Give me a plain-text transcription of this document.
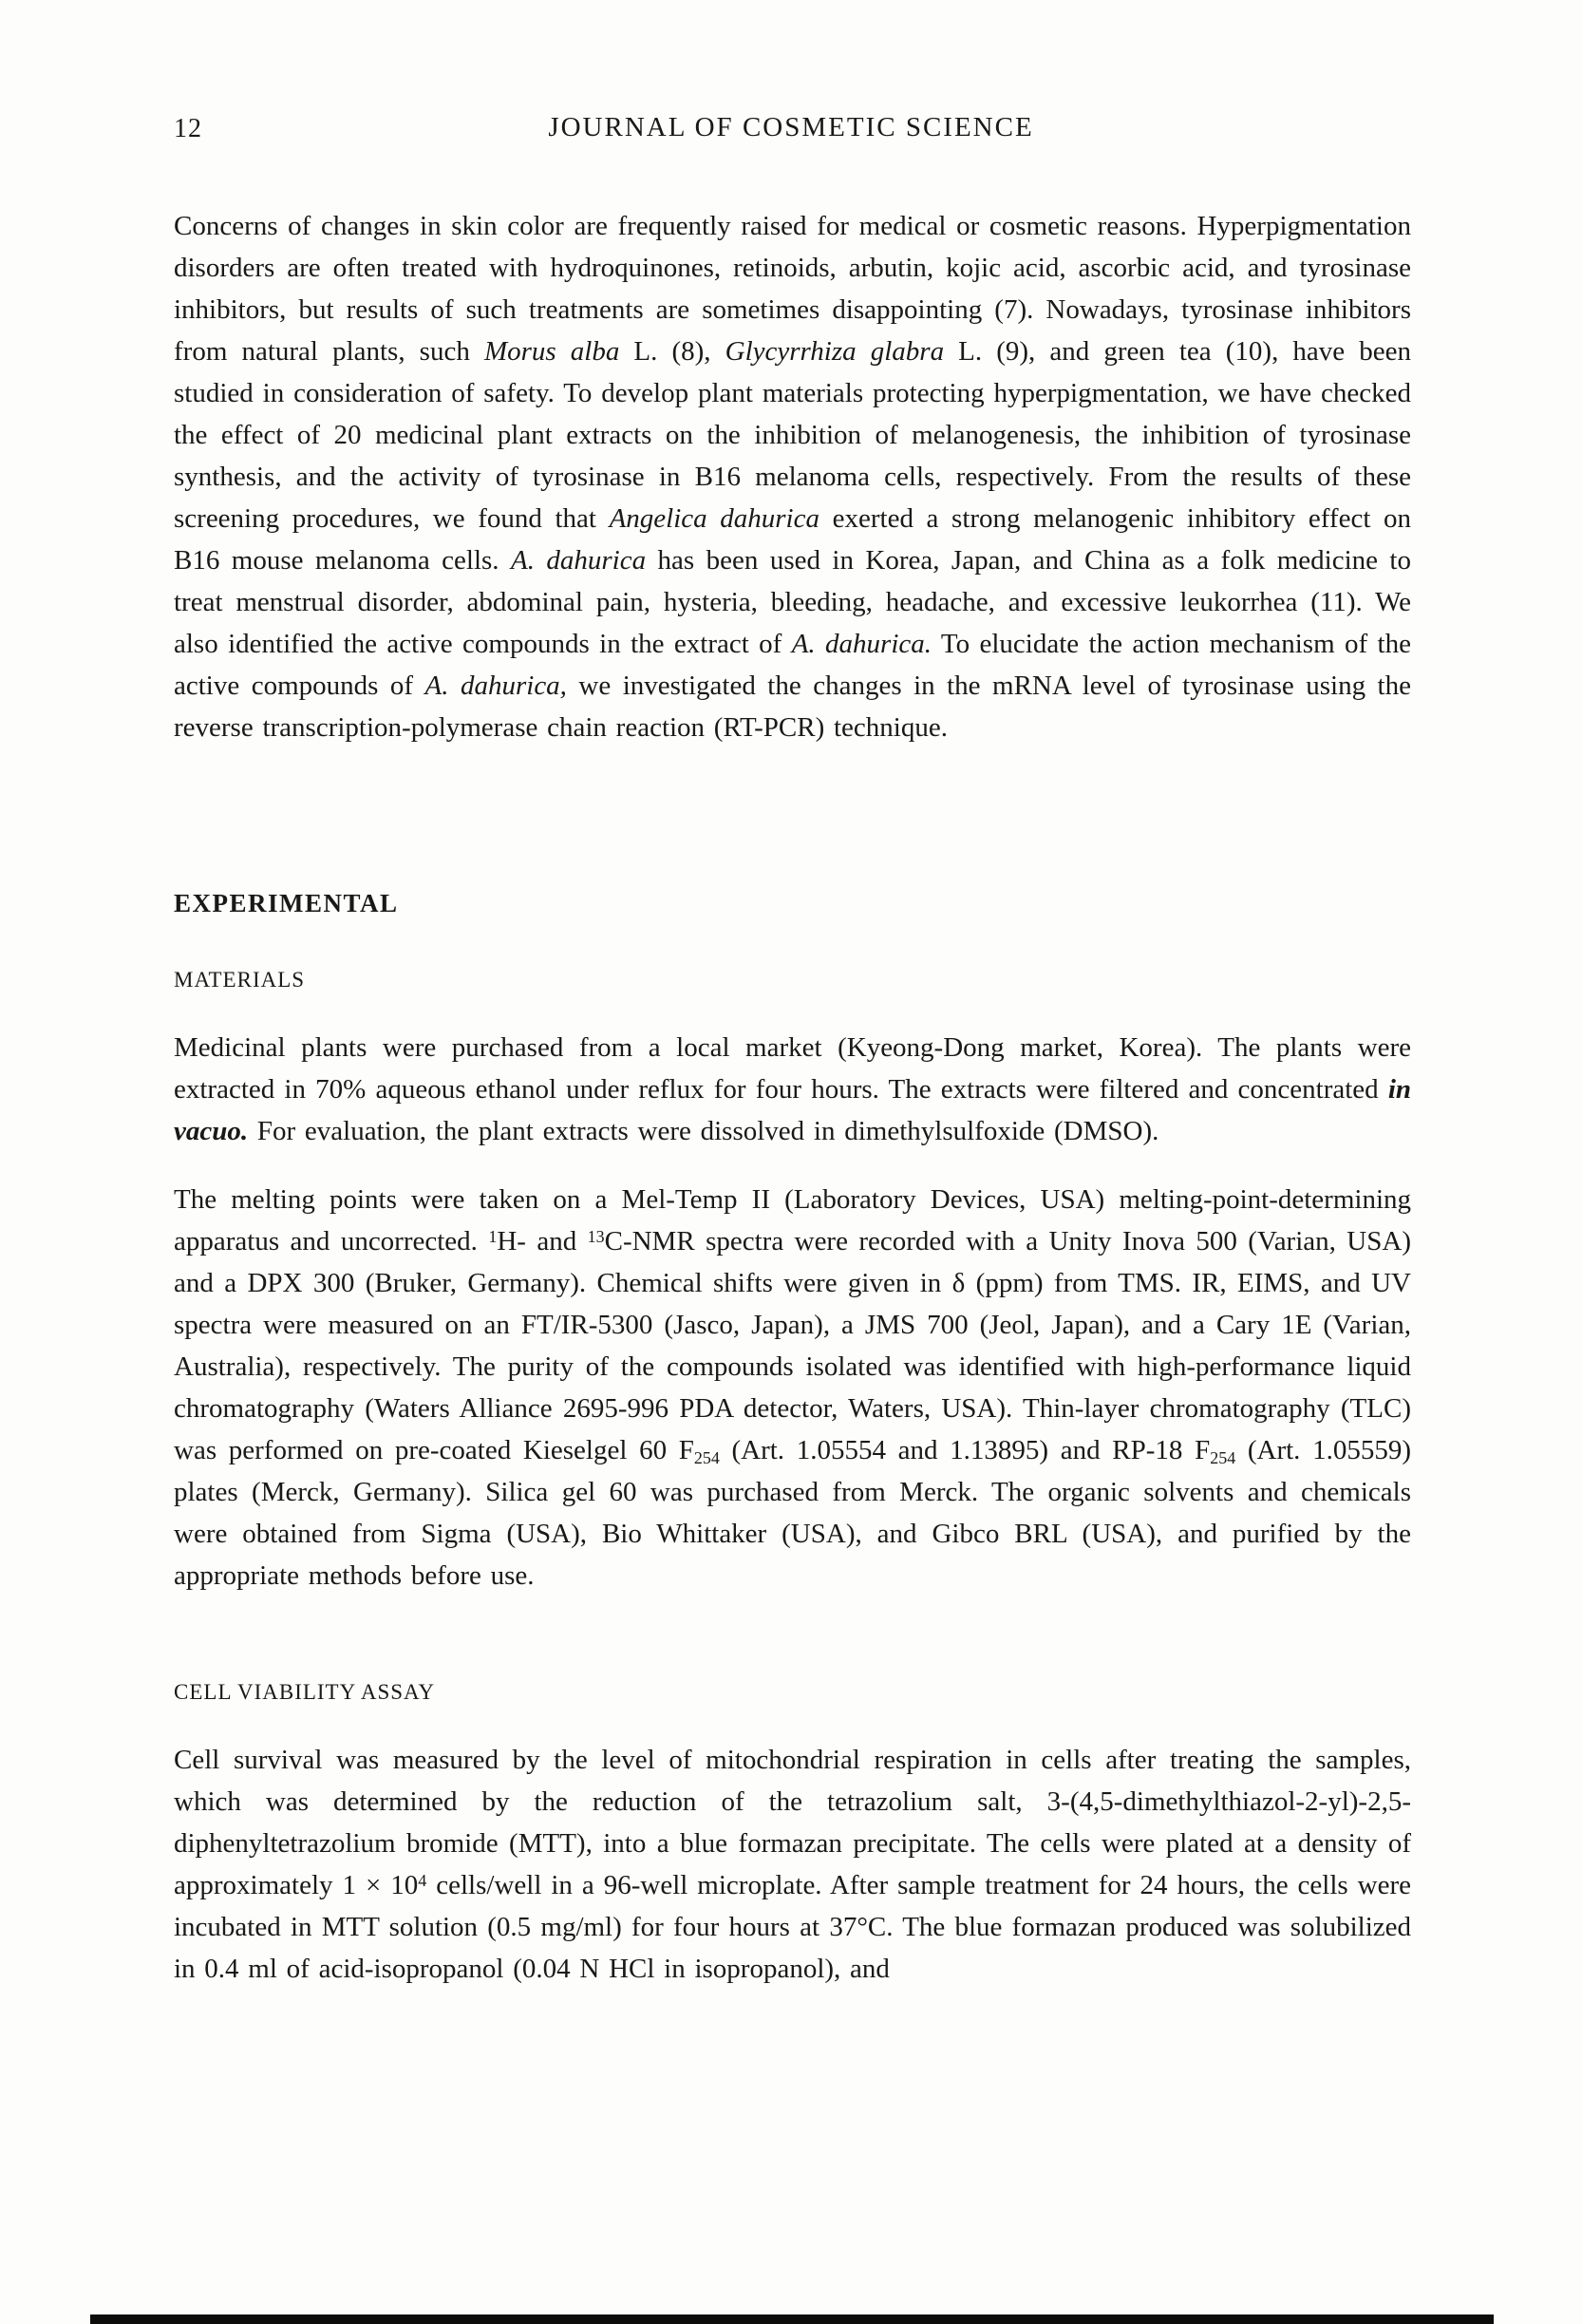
12	JOURNAL OF COSMETIC SCIENCE

Concerns of changes in skin color are frequently raised for medical or cosmetic reasons. Hyperpigmentation disorders are often treated with hydroquinones, retinoids, arbutin, kojic acid, ascorbic acid, and tyrosinase inhibitors, but results of such treatments are sometimes disappointing (7). Nowadays, tyrosinase inhibitors from natural plants, such Morus alba L. (8), Glycyrrhiza glabra L. (9), and green tea (10), have been studied in consideration of safety. To develop plant materials protecting hyperpigmentation, we have checked the effect of 20 medicinal plant extracts on the inhibition of melanogenesis, the inhibition of tyrosinase synthesis, and the activity of tyrosinase in B16 melanoma cells, respectively. From the results of these screening procedures, we found that Angelica dahurica exerted a strong melanogenic inhibitory effect on B16 mouse melanoma cells. A. dahurica has been used in Korea, Japan, and China as a folk medicine to treat menstrual disorder, abdominal pain, hysteria, bleeding, headache, and excessive leukorrhea (11). We also identified the active compounds in the extract of A. dahurica. To elucidate the action mechanism of the active compounds of A. dahurica, we investigated the changes in the mRNA level of tyrosinase using the reverse transcription-polymerase chain reaction (RT-PCR) technique.

EXPERIMENTAL
MATERIALS

Medicinal plants were purchased from a local market (Kyeong-Dong market, Korea). The plants were extracted in 70% aqueous ethanol under reflux for four hours. The extracts were filtered and concentrated in vacuo. For evaluation, the plant extracts were dissolved in dimethylsulfoxide (DMSO).

The melting points were taken on a Mel-Temp II (Laboratory Devices, USA) melting-point-determining apparatus and uncorrected. $^1$H- and $^{13}$C-NMR spectra were recorded with a Unity Inova 500 (Varian, USA) and a DPX 300 (Bruker, Germany). Chemical shifts were given in δ (ppm) from TMS. IR, EIMS, and UV spectra were measured on an FT/IR-5300 (Jasco, Japan), a JMS 700 (Jeol, Japan), and a Cary 1E (Varian, Australia), respectively. The purity of the compounds isolated was identified with high-performance liquid chromatography (Waters Alliance 2695-996 PDA detector, Waters, USA). Thin-layer chromatography (TLC) was performed on pre-coated Kieselgel 60 $F_{254}$ (Art. 1.05554 and 1.13895) and RP-18 $F_{254}$ (Art. 1.05559) plates (Merck, Germany). Silica gel 60 was purchased from Merck. The organic solvents and chemicals were obtained from Sigma (USA), Bio Whittaker (USA), and Gibco BRL (USA), and purified by the appropriate methods before use.

CELL VIABILITY ASSAY

Cell survival was measured by the level of mitochondrial respiration in cells after treating the samples, which was determined by the reduction of the tetrazolium salt, 3-(4,5-dimethylthiazol-2-yl)-2,5-diphenyltetrazolium bromide (MTT), into a blue formazan precipitate. The cells were plated at a density of approximately $1 \times 10^4$ cells/well in a 96-well microplate. After sample treatment for 24 hours, the cells were incubated in MTT solution (0.5 mg/ml) for four hours at 37°C. The blue formazan produced was solubilized in 0.4 ml of acid-isopropanol (0.04 N HCl in isopropanol), and
